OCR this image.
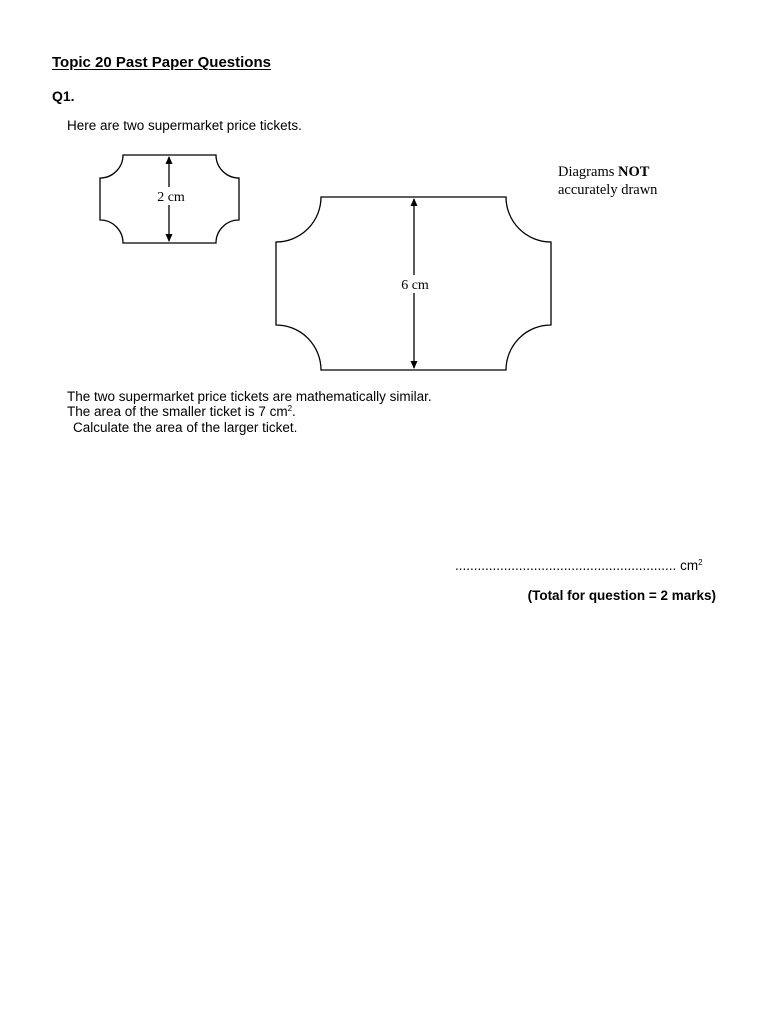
Topic 20 Past Paper Questions
Q1.
Here are two supermarket price tickets.
2 cm
6 cm
Diagrams NOT
accurately drawn
The two supermarket price tickets are mathematically similar.
The area of the smaller ticket is 7 $cm^2$.
Calculate the area of the larger ticket.
........................................................... $cm^2$
(Total for question = 2 marks)
